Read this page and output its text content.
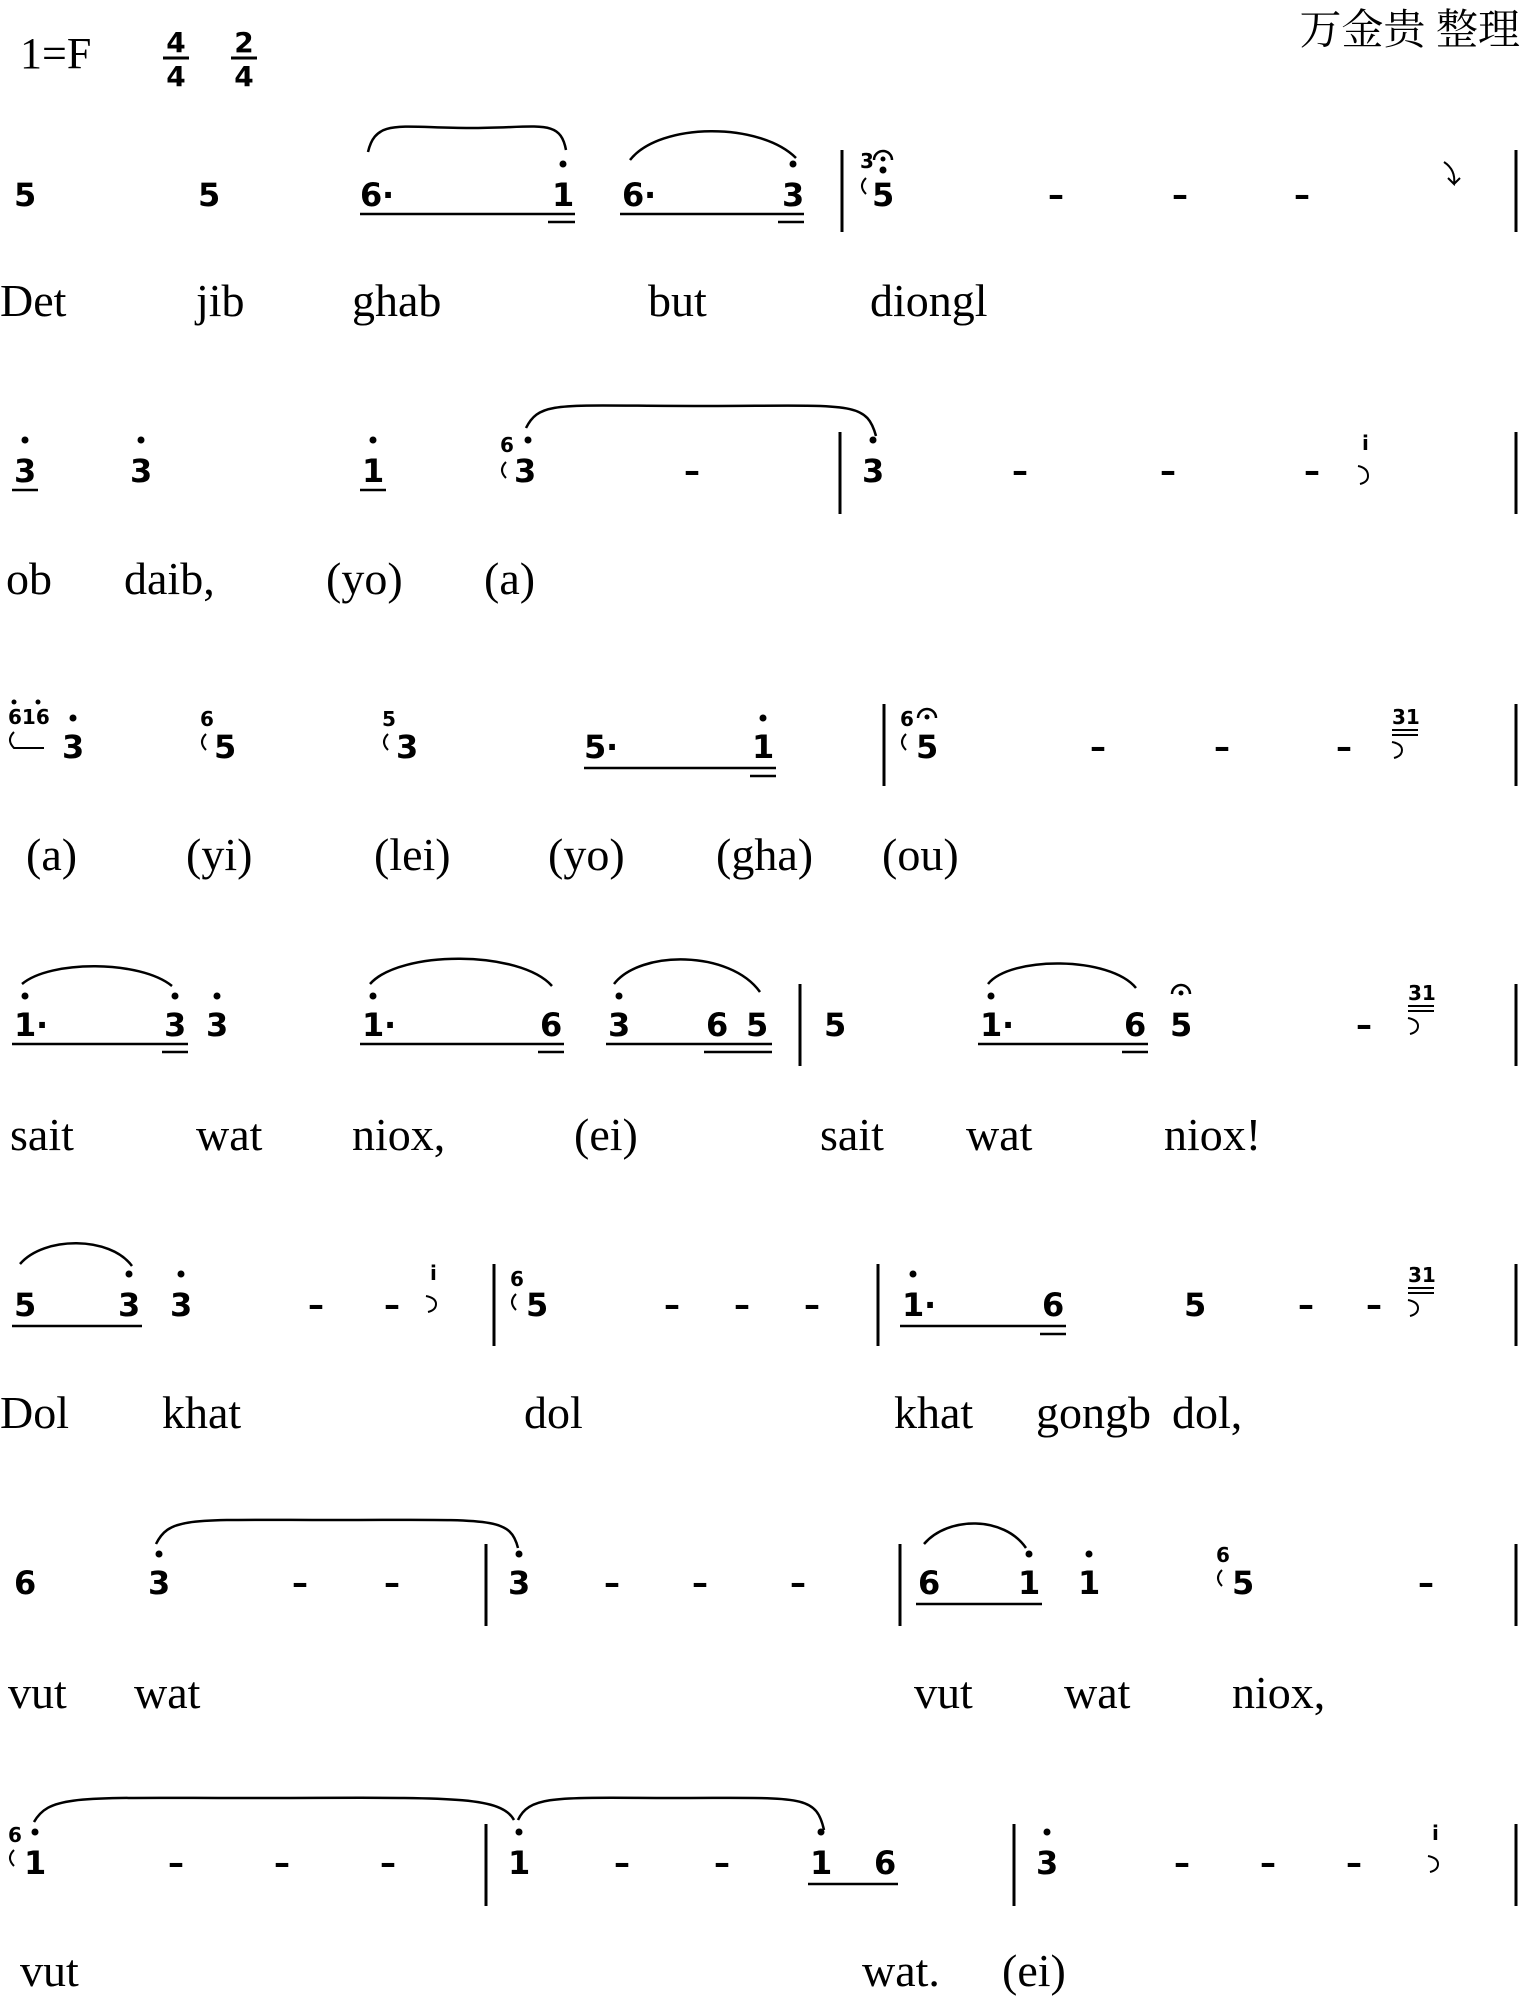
1=F	4
4
2
4
万金贵 整理
5	5	6 ·	1 6 ·	3
3
5	–	–	–
Det	jib ghab	but	diongl
3	3	1
6
3	–	3	–	–	–
i
ob daib, (yo) (a)
616
3
6
5
5
3	5 ·	1
6
5	–	–	–
31
(a) (yi)	(lei) (yo) (gha) (ou)
1 ·	3 3	1 ·	6 3 6 5 5	1 ·	6 5	–
31
sait	wat niox,	(ei)	sait wat	niox!
5	3 3	– –
i	6
5	– – –	1 ·	6	5	– –
31
Dol khat	dol	khat gongb dol,
6	3	– –	3 – –	–	6 1 1
6
5	–
vut wat	vut wat niox,
6
1	–	–	–	1	–	–	1 6	3	– – –
i
vut	wat. (ei)
